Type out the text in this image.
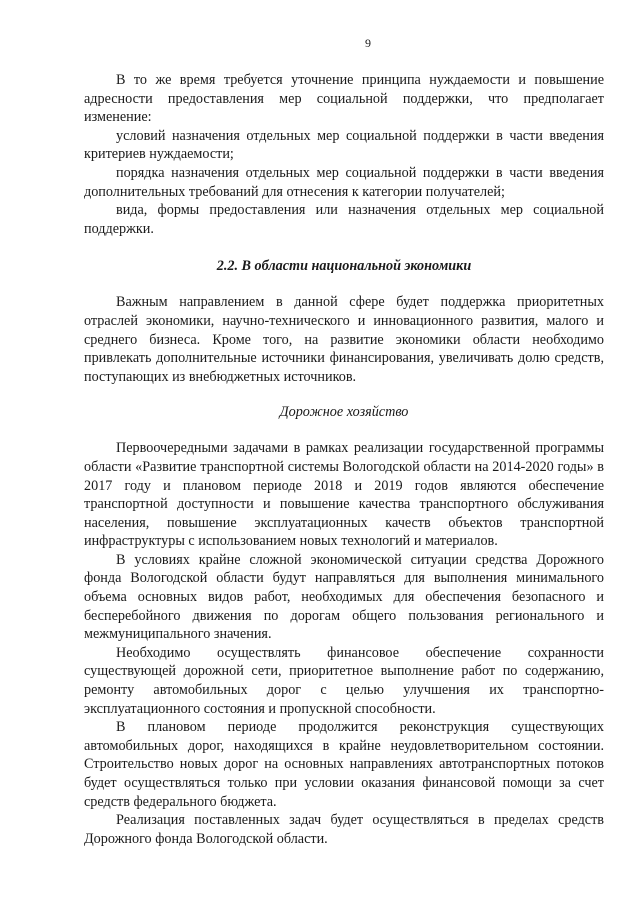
9

В то же время требуется уточнение принципа нуждаемости и повышение адресности предоставления мер социальной поддержки, что предполагает изменение:

условий назначения отдельных мер социальной поддержки в части введения критериев нуждаемости;

порядка назначения отдельных мер социальной поддержки в части введения дополнительных требований для отнесения к категории получателей;

вида, формы предоставления или назначения отдельных мер социальной поддержки.

2.2. В области национальной экономики

Важным направлением в данной сфере будет поддержка приоритетных отраслей экономики, научно-технического и инновационного развития, малого и среднего бизнеса. Кроме того, на развитие экономики области необходимо привлекать дополнительные источники финансирования, увеличивать долю средств, поступающих из внебюджетных источников.

Дорожное хозяйство

Первоочередными задачами в рамках реализации государственной программы области «Развитие транспортной системы Вологодской области на 2014-2020 годы» в 2017 году и плановом периоде 2018 и 2019 годов являются обеспечение транспортной доступности и повышение качества транспортного обслуживания населения, повышение эксплуатационных качеств объектов транспортной инфраструктуры с использованием новых технологий и материалов.

В условиях крайне сложной экономической ситуации средства Дорожного фонда Вологодской области будут направляться для выполнения минимального объема основных видов работ, необходимых для обеспечения безопасного и бесперебойного движения по дорогам общего пользования регионального и межмуниципального значения.

Необходимо осуществлять финансовое обеспечение сохранности существующей дорожной сети, приоритетное выполнение работ по содержанию, ремонту автомобильных дорог с целью улучшения их транспортно-эксплуатационного состояния и пропускной способности.

В плановом периоде продолжится реконструкция существующих автомобильных дорог, находящихся в крайне неудовлетворительном состоянии. Строительство новых дорог на основных направлениях автотранспортных потоков будет осуществляться только при условии оказания финансовой помощи за счет средств федерального бюджета.

Реализация поставленных задач будет осуществляться в пределах средств Дорожного фонда Вологодской области.
